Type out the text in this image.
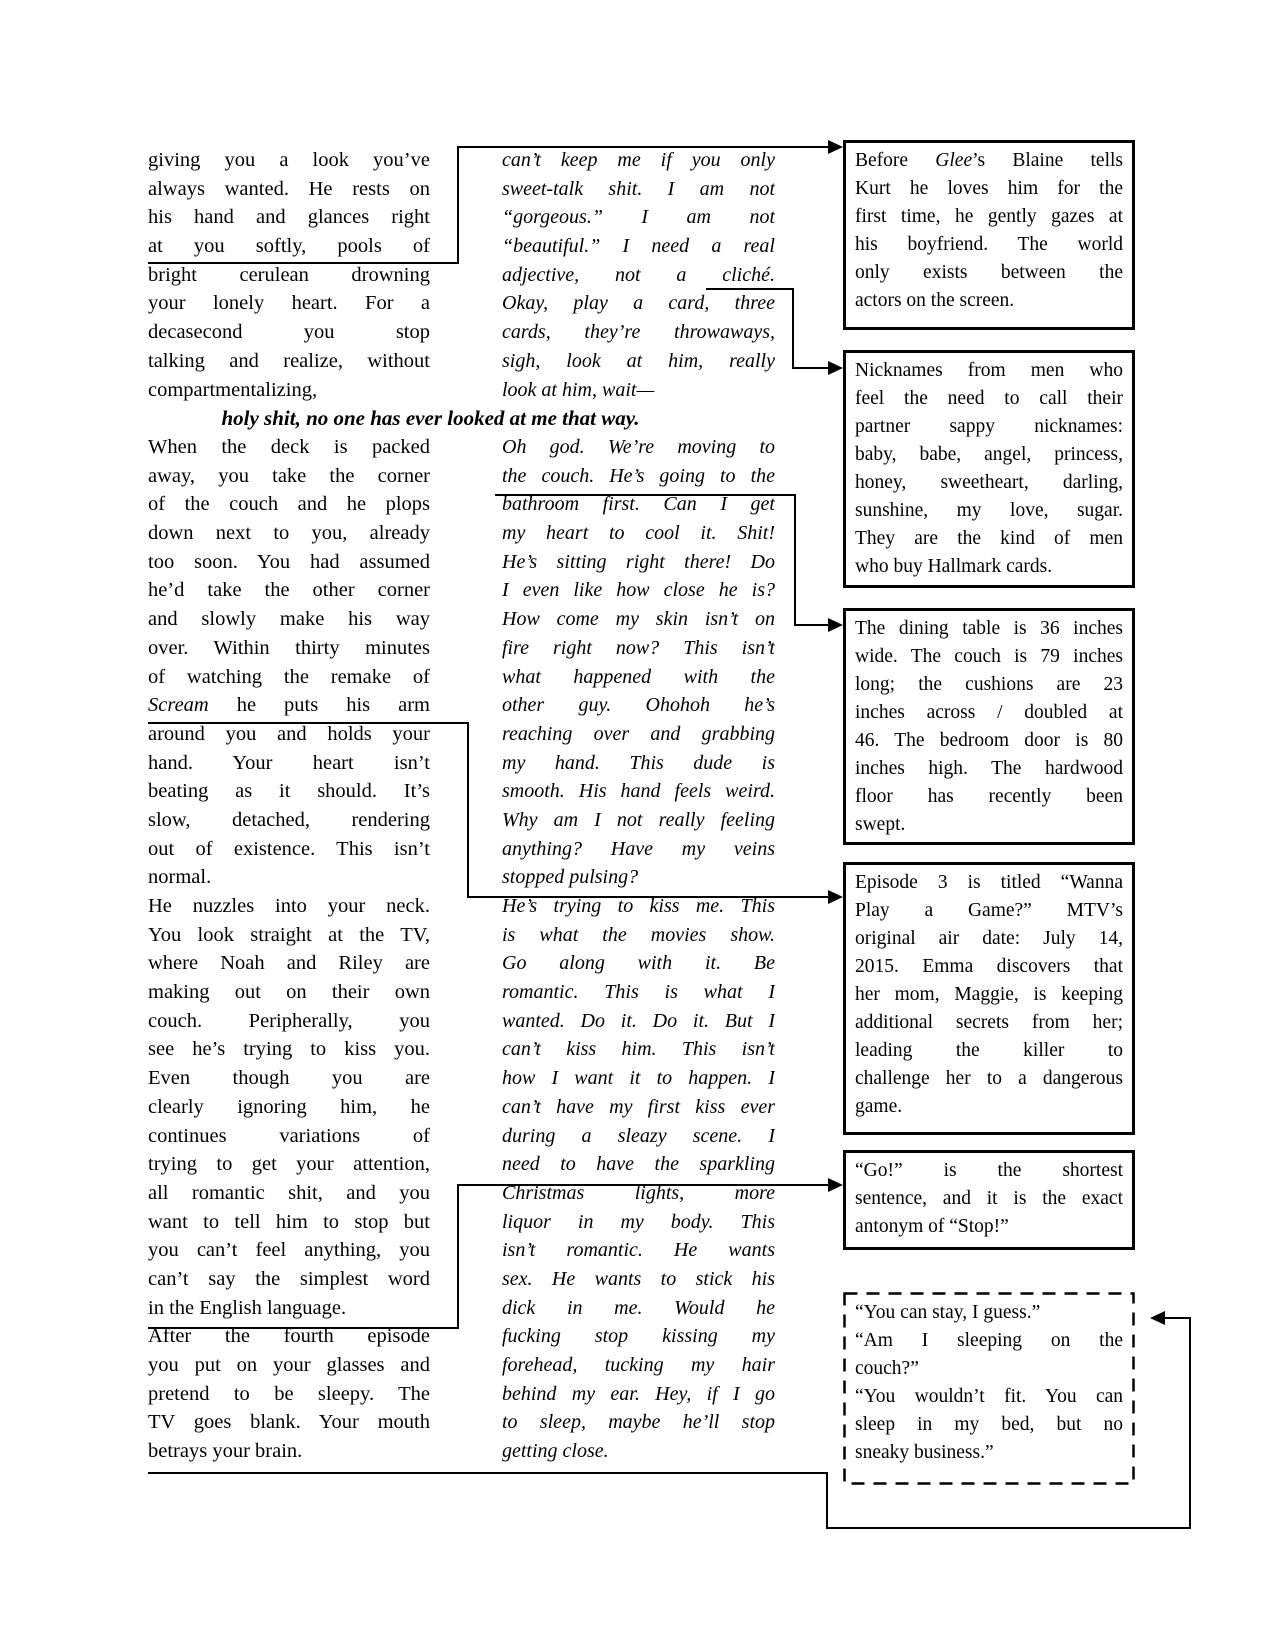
giving you a look you’ve
always wanted. He rests on
his hand and glances right
at you softly, pools of
bright cerulean drowning
your lonely heart. For a
decasecond you stop
talking and realize, without
compartmentalizing,
holy shit, no one has ever looked at me that way.
When the deck is packed
away, you take the corner
of the couch and he plops
down next to you, already
too soon. You had assumed
he’d take the other corner
and slowly make his way
over. Within thirty minutes
of watching the remake of
Scream he puts his arm
around you and holds your
hand. Your heart isn’t
beating as it should. It’s
slow, detached, rendering
out of existence. This isn’t
normal.
He nuzzles into your neck.
You look straight at the TV,
where Noah and Riley are
making out on their own
couch. Peripherally, you
see he’s trying to kiss you.
Even though you are
clearly ignoring him, he
continues variations of
trying to get your attention,
all romantic shit, and you
want to tell him to stop but
you can’t feel anything, you
can’t say the simplest word
in the English language.
After the fourth episode
you put on your glasses and
pretend to be sleepy. The
TV goes blank. Your mouth
betrays your brain.
can’t keep me if you only
sweet-talk shit. I am not
“gorgeous.” I am not
“beautiful.” I need a real
adjective, not a cliché.
Okay, play a card, three
cards, they’re throwaways,
sigh, look at him, really
look at him, wait—
Oh god. We’re moving to
the couch. He’s going to the
bathroom first. Can I get
my heart to cool it. Shit!
He’s sitting right there! Do
I even like how close he is?
How come my skin isn’t on
fire right now? This isn’t
what happened with the
other guy. Ohohoh he’s
reaching over and grabbing
my hand. This dude is
smooth. His hand feels weird.
Why am I not really feeling
anything? Have my veins
stopped pulsing?
He’s trying to kiss me. This
is what the movies show.
Go along with it. Be
romantic. This is what I
wanted. Do it. Do it. But I
can’t kiss him. This isn’t
how I want it to happen. I
can’t have my first kiss ever
during a sleazy scene. I
need to have the sparkling
Christmas lights, more
liquor in my body. This
isn’t romantic. He wants
sex. He wants to stick his
dick in me. Would he
fucking stop kissing my
forehead, tucking my hair
behind my ear. Hey, if I go
to sleep, maybe he’ll stop
getting close.
Before Glee’s Blaine tells
Kurt he loves him for the
first time, he gently gazes at
his boyfriend. The world
only exists between the
actors on the screen.
Nicknames from men who
feel the need to call their
partner sappy nicknames:
baby, babe, angel, princess,
honey, sweetheart, darling,
sunshine, my love, sugar.
They are the kind of men
who buy Hallmark cards.
The dining table is 36 inches
wide. The couch is 79 inches
long; the cushions are 23
inches across / doubled at
46. The bedroom door is 80
inches high. The hardwood
floor has recently been
swept.
Episode 3 is titled “Wanna
Play a Game?” MTV’s
original air date: July 14,
2015. Emma discovers that
her mom, Maggie, is keeping
additional secrets from her;
leading the killer to
challenge her to a dangerous
game.
“Go!” is the shortest
sentence, and it is the exact
antonym of “Stop!”
“You can stay, I guess.”
“Am I sleeping on the
couch?”
“You wouldn’t fit. You can
sleep in my bed, but no
sneaky business.”
